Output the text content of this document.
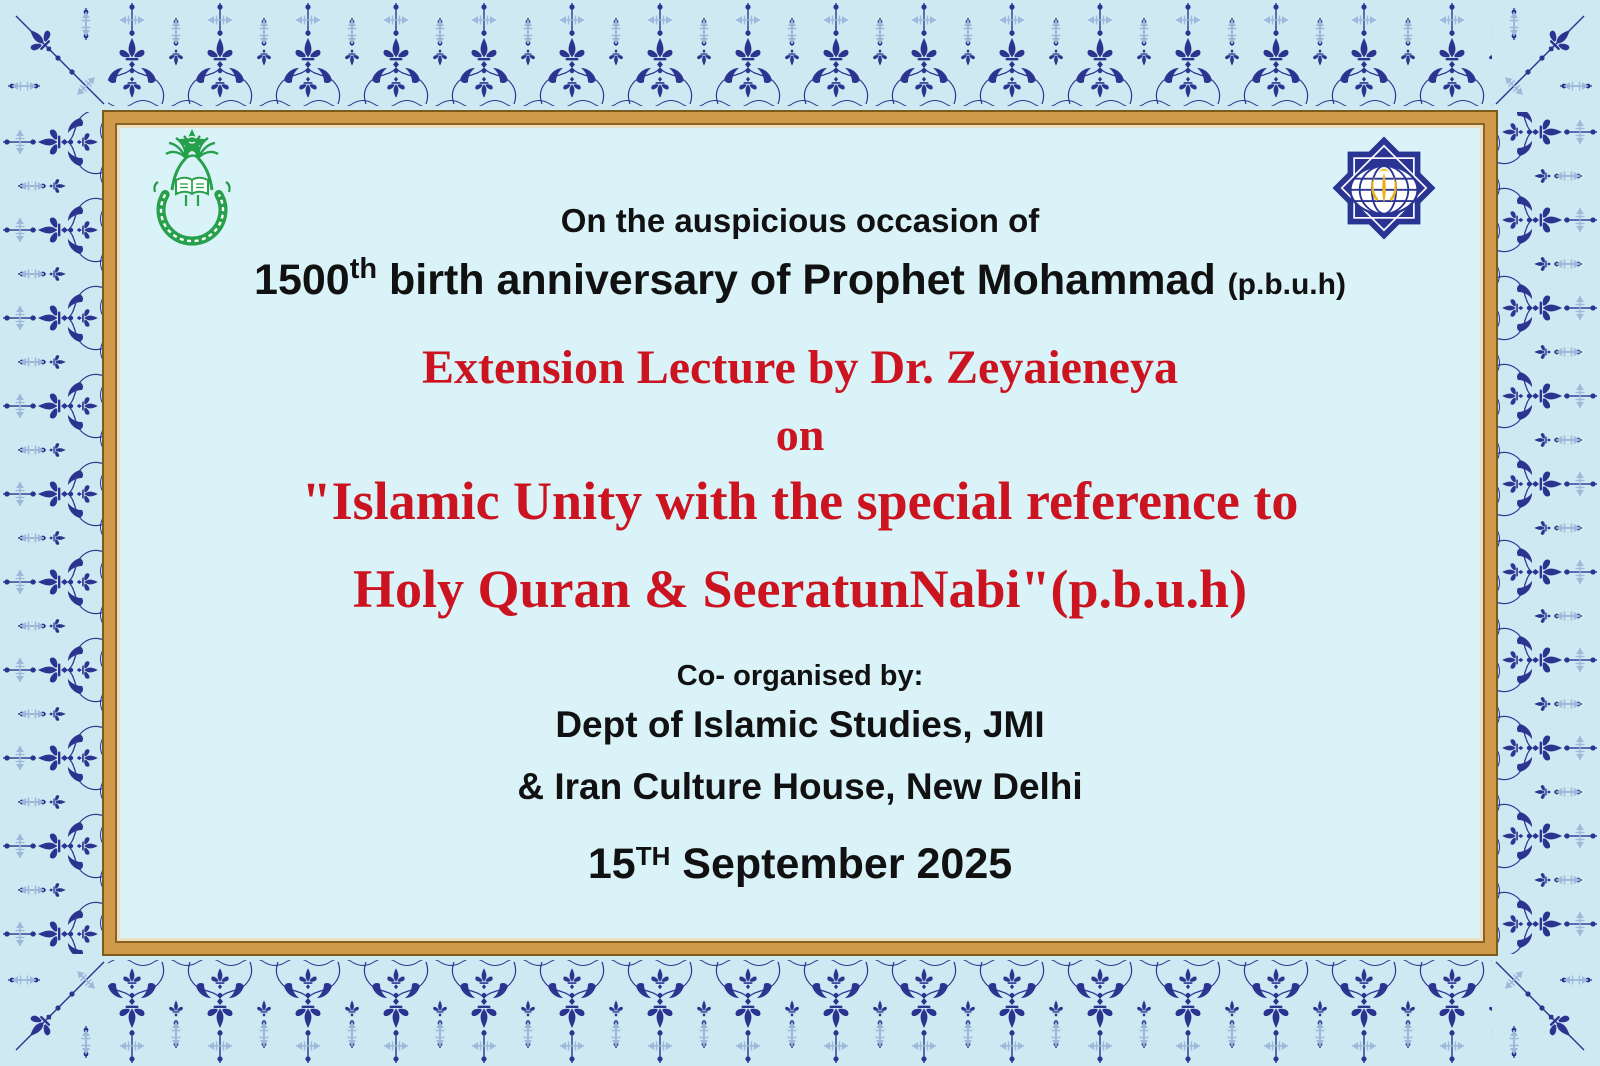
On the auspicious occasion of
1500th birth anniversary of Prophet Mohammad (p.b.u.h)
Extension Lecture by Dr. Zeyaieneya
on
"Islamic Unity with the special reference to
Holy Quran & SeeratunNabi"(p.b.u.h)
Co- organised by:
Dept of Islamic Studies, JMI
& Iran Culture House, New Delhi
15TH September 2025
